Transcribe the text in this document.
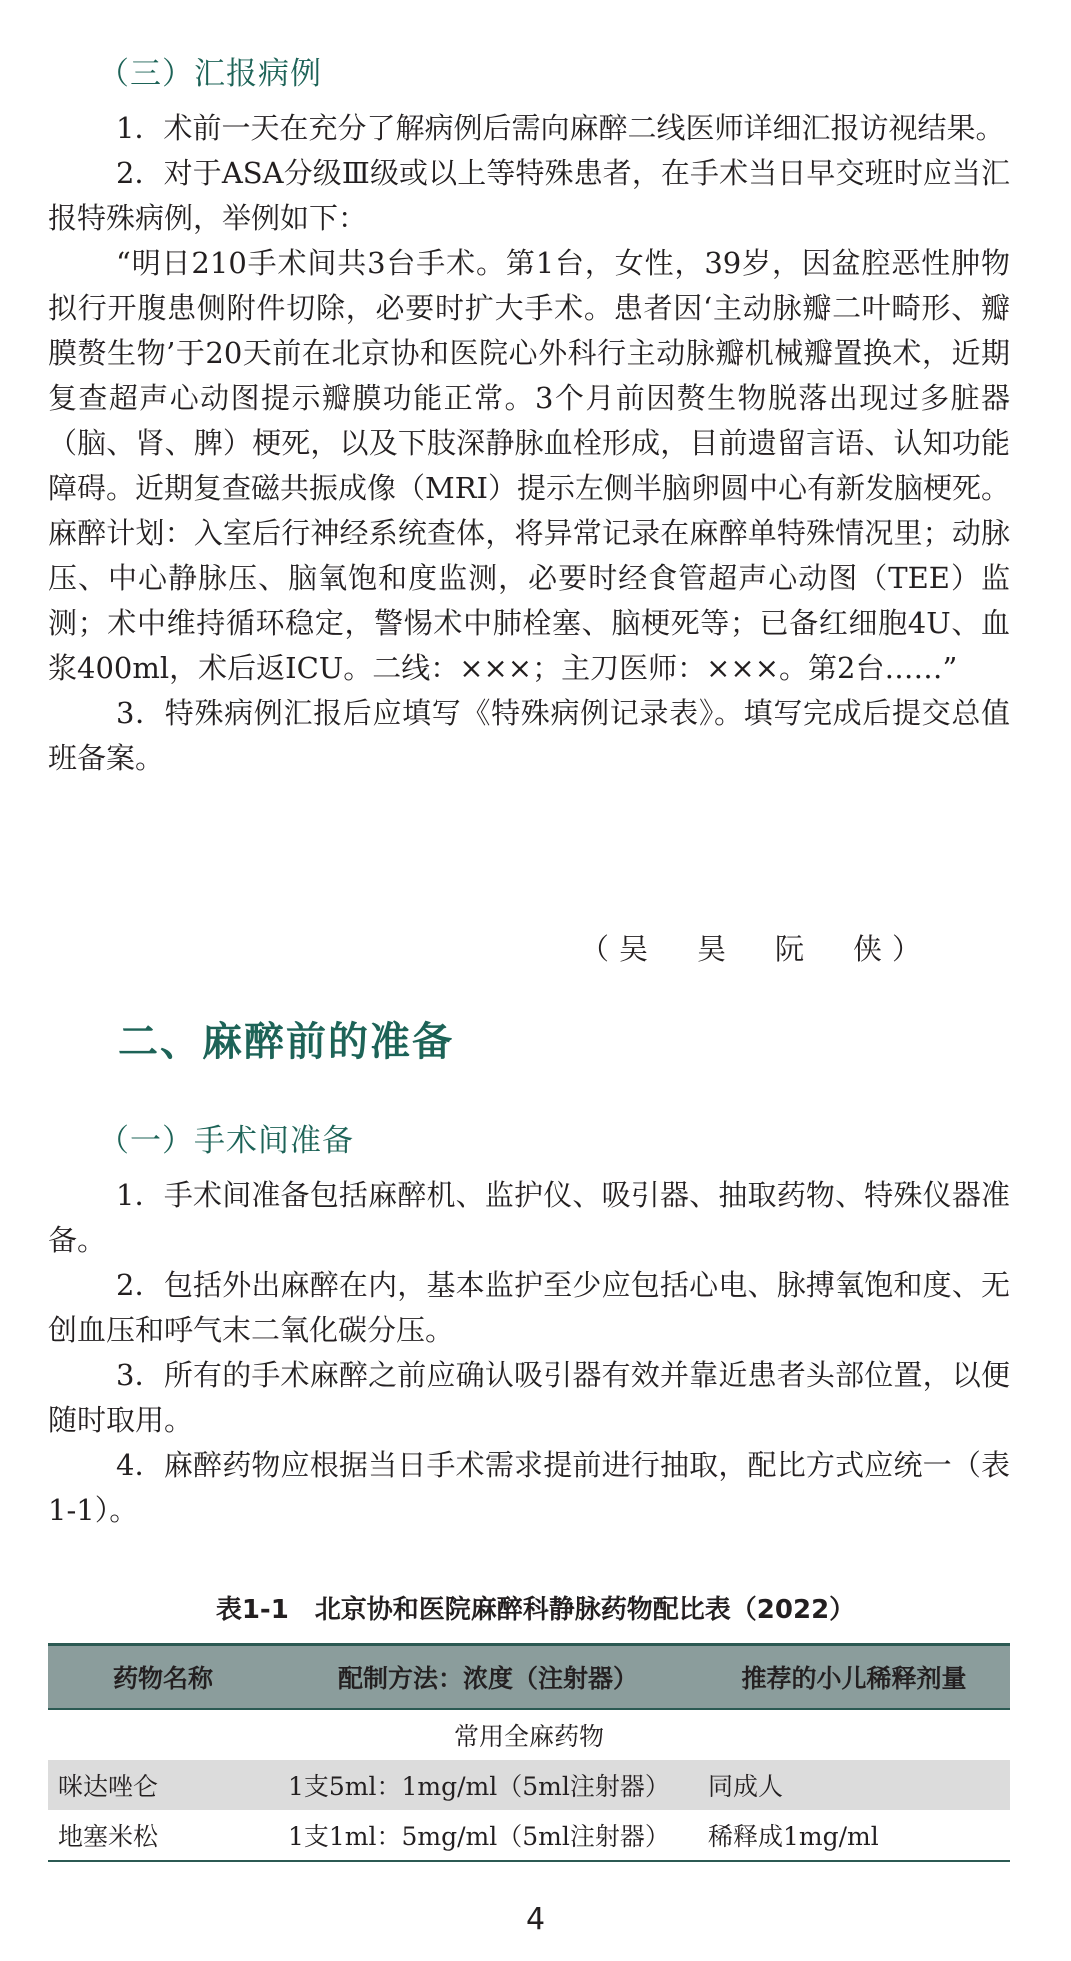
（三）汇报病例

1．术前一天在充分了解病例后需向麻醉二线医师详细汇报访视结果。

2．对于ASA分级Ⅲ级或以上等特殊患者，在手术当日早交班时应当汇报特殊病例，举例如下：

“明日210手术间共3台手术。第1台，女性，39岁，因盆腔恶性肿物拟行开腹患侧附件切除，必要时扩大手术。患者因‘主动脉瓣二叶畸形、瓣膜赘生物’于20天前在北京协和医院心外科行主动脉瓣机械瓣置换术，近期复查超声心动图提示瓣膜功能正常。3个月前因赘生物脱落出现过多脏器（脑、肾、脾）梗死，以及下肢深静脉血栓形成，目前遗留言语、认知功能障碍。近期复查磁共振成像（MRI）提示左侧半脑卵圆中心有新发脑梗死。麻醉计划：入室后行神经系统查体，将异常记录在麻醉单特殊情况里；动脉压、中心静脉压、脑氧饱和度监测，必要时经食管超声心动图（TEE）监测；术中维持循环稳定，警惕术中肺栓塞、脑梗死等；已备红细胞4U、血浆400ml，术后返ICU。二线：×××；主刀医师：×××。第2台……”

3．特殊病例汇报后应填写《特殊病例记录表》。填写完成后提交总值班备案。

（吴　昊　阮　侠）
二、麻醉前的准备
（一）手术间准备

1．手术间准备包括麻醉机、监护仪、吸引器、抽取药物、特殊仪器准备。

2．包括外出麻醉在内，基本监护至少应包括心电、脉搏氧饱和度、无创血压和呼气末二氧化碳分压。

3．所有的手术麻醉之前应确认吸引器有效并靠近患者头部位置，以便随时取用。

4．麻醉药物应根据当日手术需求提前进行抽取，配比方式应统一（表1-1）。

表1-1　北京协和医院麻醉科静脉药物配比表（2022）
药物名称	配制方法：浓度（注射器）	推荐的小儿稀释剂量
常用全麻药物		
咪达唑仑	1支5ml：1mg/ml（5ml注射器）	同成人
地塞米松	1支1ml：5mg/ml（5ml注射器）	稀释成1mg/ml
4
